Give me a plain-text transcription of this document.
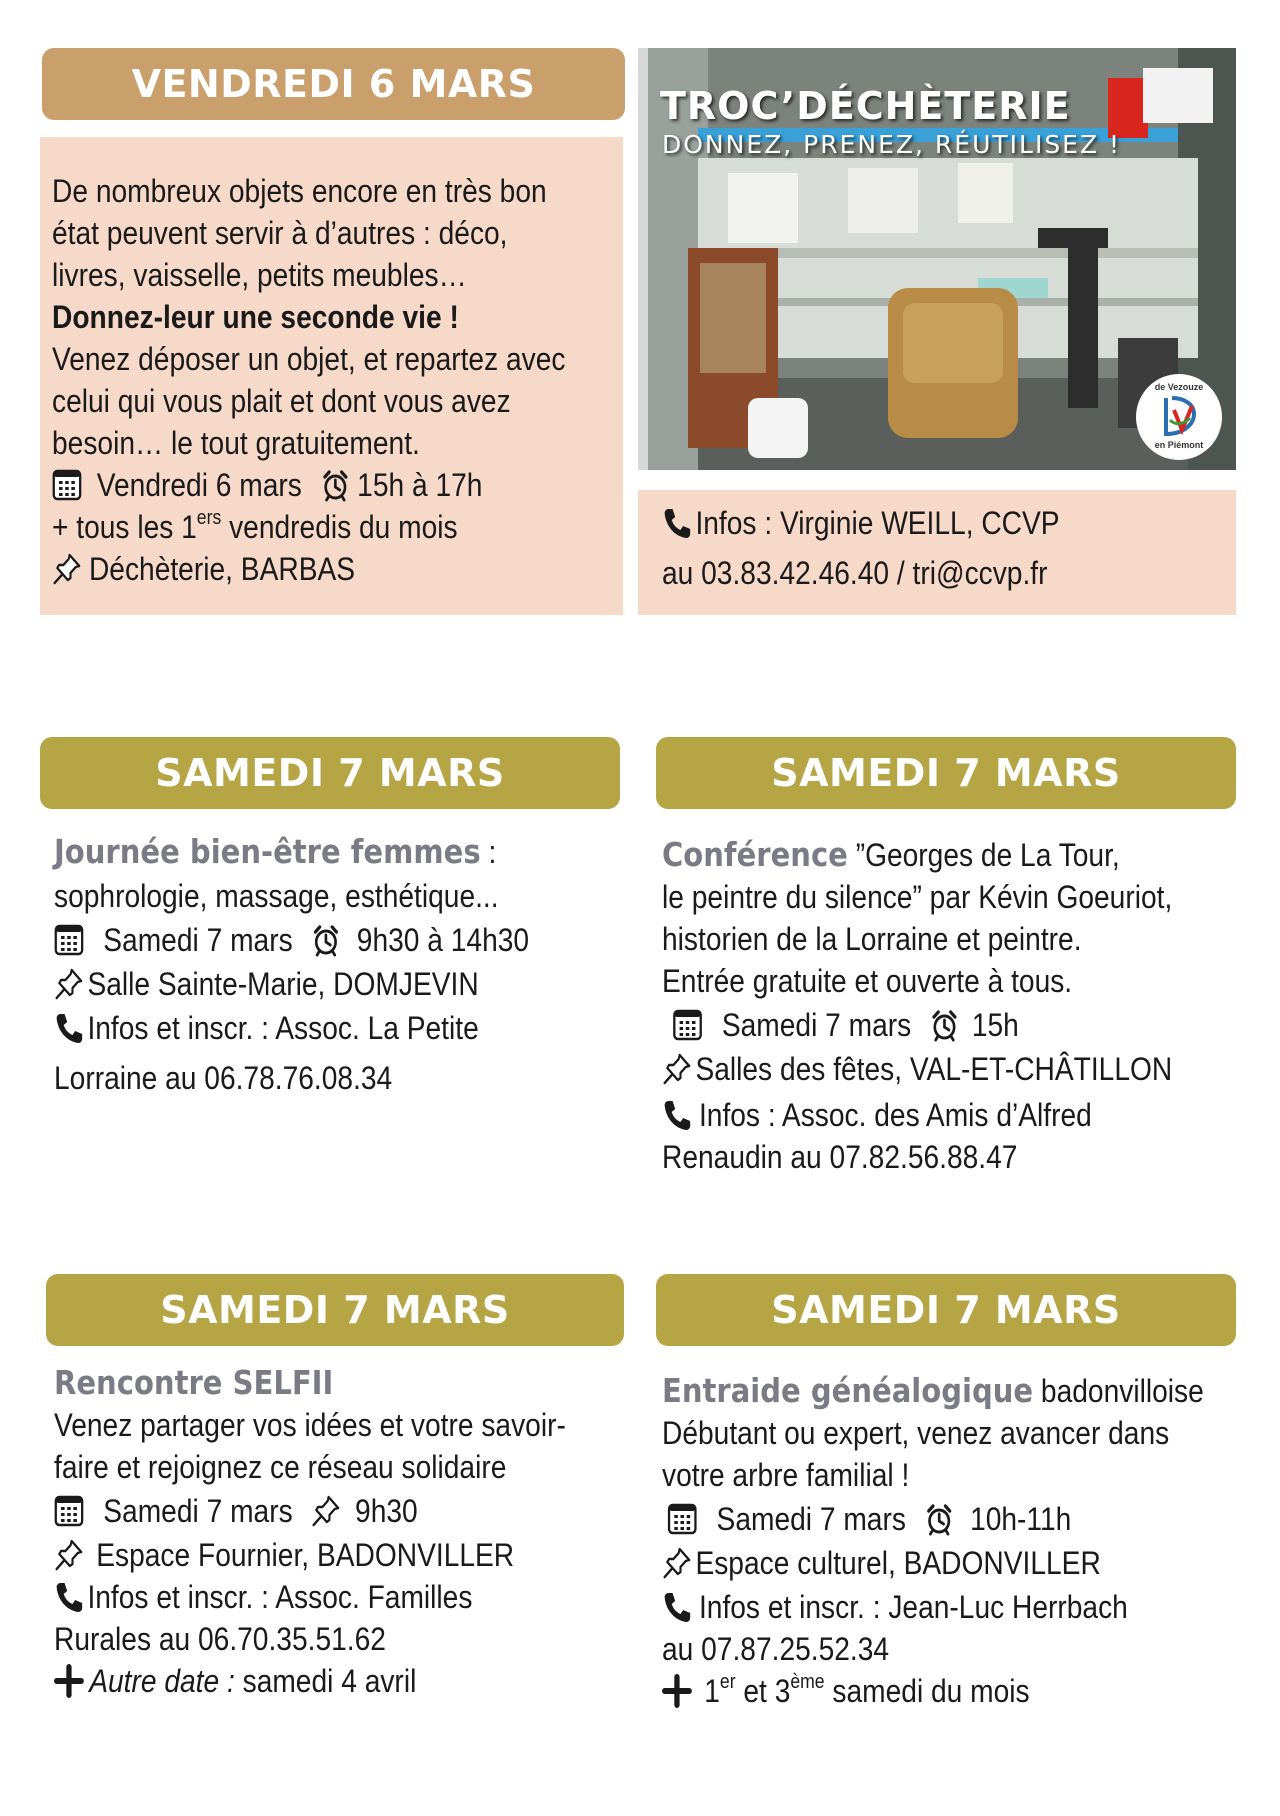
VENDREDI 6 MARS
De nombreux objets encore en très bon
état peuvent servir à d’autres : déco,
livres, vaisselle, petits meubles…
Donnez-leur une seconde vie !
Venez déposer un objet, et repartez avec
celui qui vous plait et dont vous avez
besoin… le tout gratuitement.
Vendredi 6 mars 15h à 17h
+ tous les 1ers vendredis du mois
Déchèterie, BARBAS
TROC’DÉCHÈTERIE
DONNEZ, PRENEZ, RÉUTILISEZ !
de Vezouze
en Piémont
Infos : Virginie WEILL, CCVP
au 03.83.42.46.40 / tri@ccvp.fr
SAMEDI 7 MARS
Journée bien-être femmes :
sophrologie, massage, esthétique...
Samedi 7 mars 9h30 à 14h30
Salle Sainte-Marie, DOMJEVIN
Infos et inscr. : Assoc. La Petite
Lorraine au 06.78.76.08.34
SAMEDI 7 MARS
Conférence ”Georges de La Tour,
le peintre du silence” par Kévin Goeuriot,
historien de la Lorraine et peintre.
Entrée gratuite et ouverte à tous.
Samedi 7 mars 15h
Salles des fêtes, VAL-ET-CHÂTILLON
Infos : Assoc. des Amis d’Alfred
Renaudin au 07.82.56.88.47
SAMEDI 7 MARS
Rencontre SELFII
Venez partager vos idées et votre savoir-
faire et rejoignez ce réseau solidaire
Samedi 7 mars 9h30
Espace Fournier, BADONVILLER
Infos et inscr. : Assoc. Familles
Rurales au 06.70.35.51.62
Autre date : samedi 4 avril
SAMEDI 7 MARS
Entraide généalogique badonvilloise
Débutant ou expert, venez avancer dans
votre arbre familial !
Samedi 7 mars 10h-11h
Espace culturel, BADONVILLER
Infos et inscr. : Jean-Luc Herrbach
au 07.87.25.52.34
1er et 3ème samedi du mois
